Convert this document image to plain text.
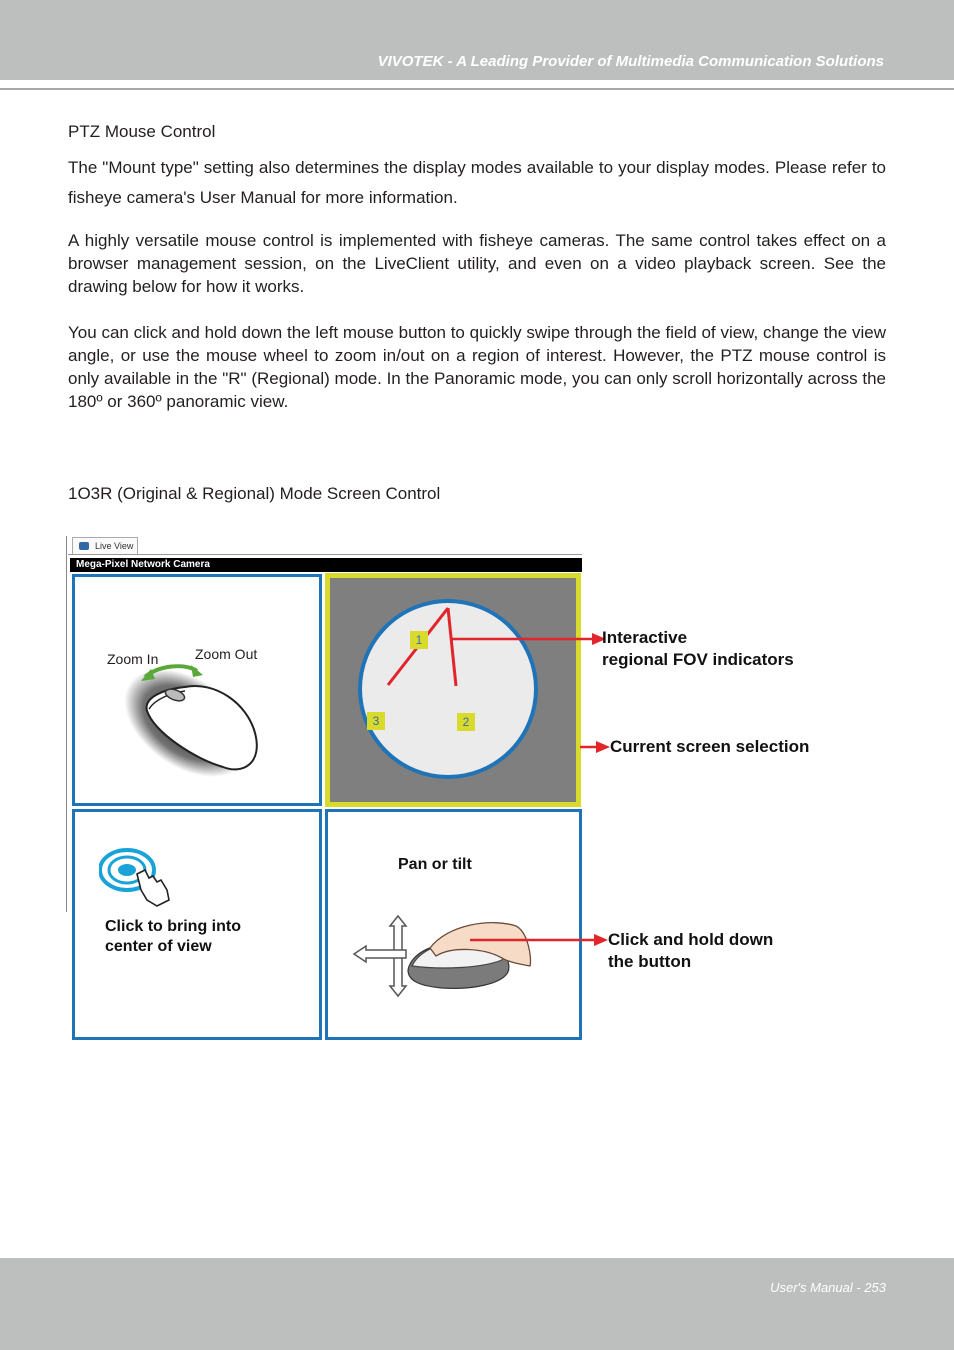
VIVOTEK - A Leading Provider of Multimedia Communication Solutions
PTZ Mouse Control
The "Mount type" setting also determines the display modes available to your display modes. Please refer to fisheye camera's User Manual for more information.
A highly versatile mouse control is implemented with fisheye cameras. The same control takes effect on a browser management session, on the LiveClient utility, and even on a video playback screen. See the drawing below for how it works.
You can click and hold down the left mouse button to quickly swipe through the field of view, change the view angle, or use the mouse wheel to zoom in/out on a region of interest. However, the PTZ mouse control is only available in the "R" (Regional) mode. In the Panoramic mode, you can only scroll horizontally across the 180º or 360º panoramic view.
1O3R (Original & Regional) Mode Screen Control
Live View
Mega-Pixel Network Camera
Zoom In	Zoom Out
1
2
3
Click to bring into
center of view
Pan or tilt
Interactive
regional FOV indicators
Current screen selection
Click and hold down
the button
User's Manual - 253
